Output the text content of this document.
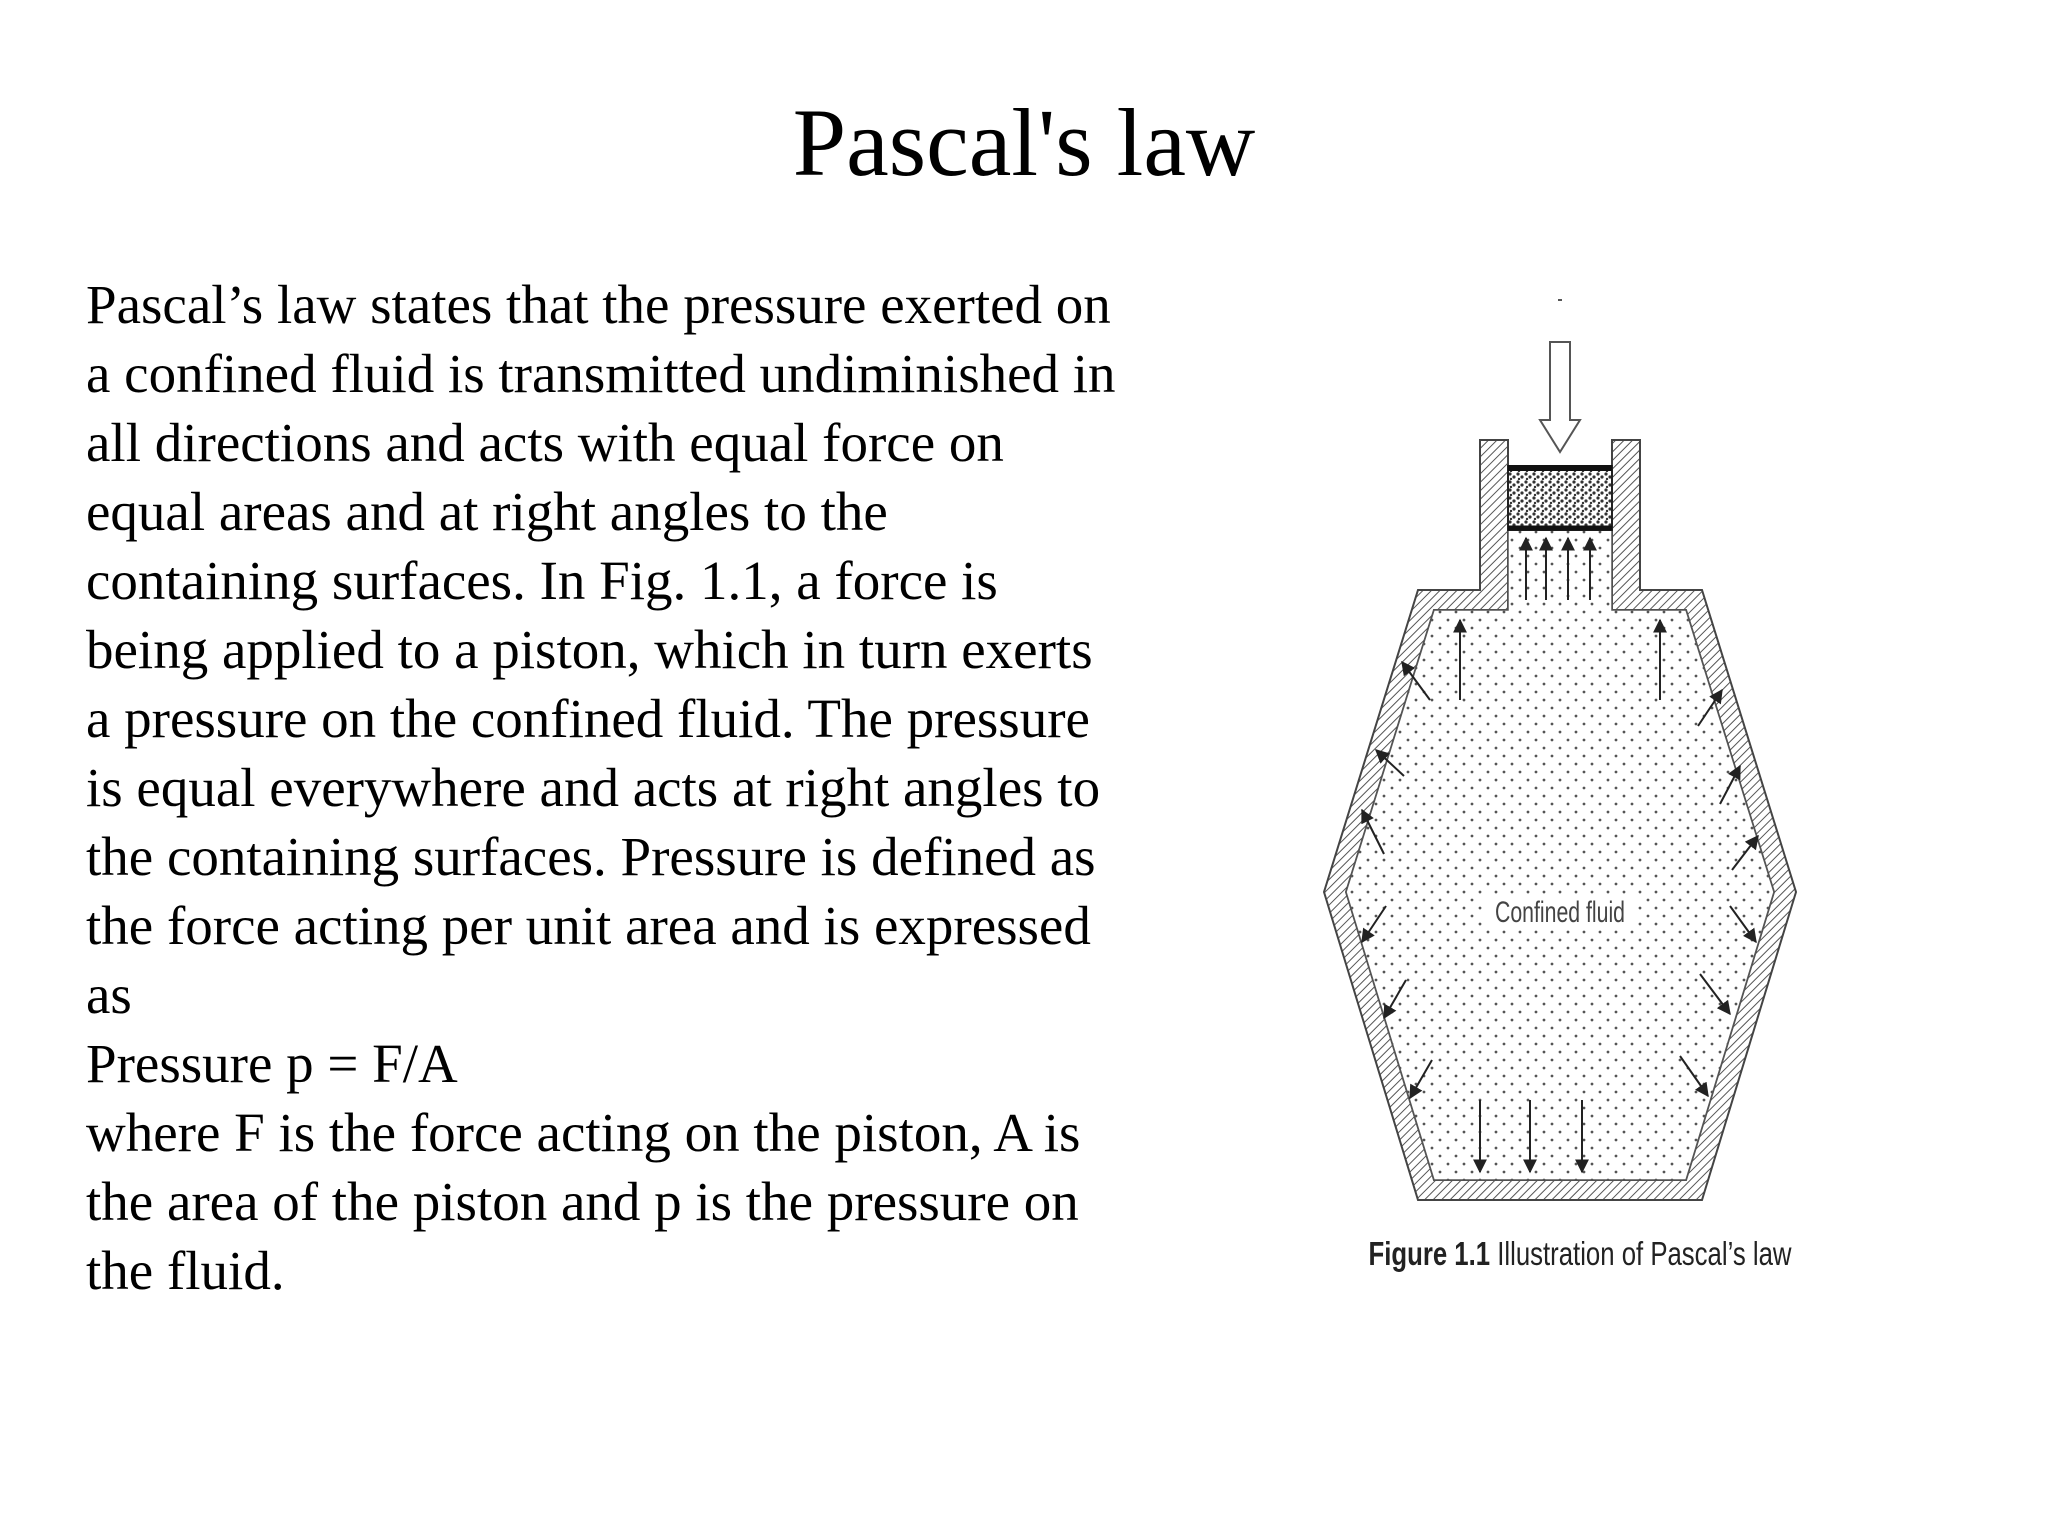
Pascal's law
Pascal’s law states that the pressure exerted on
a confined fluid is transmitted undiminished in
all directions and acts with equal force on
equal areas and at right angles to the
containing surfaces. In Fig. 1.1, a force is
being applied to a piston, which in turn exerts
a pressure on the confined fluid. The pressure
is equal everywhere and acts at right angles to
the containing surfaces. Pressure is defined as
the force acting per unit area and is expressed
as
Pressure p = F/A
where F is the force acting on the piston, A is
the area of the piston and p is the pressure on
the fluid.
Confined fluid
Figure 1.1 Illustration of Pascal’s law
